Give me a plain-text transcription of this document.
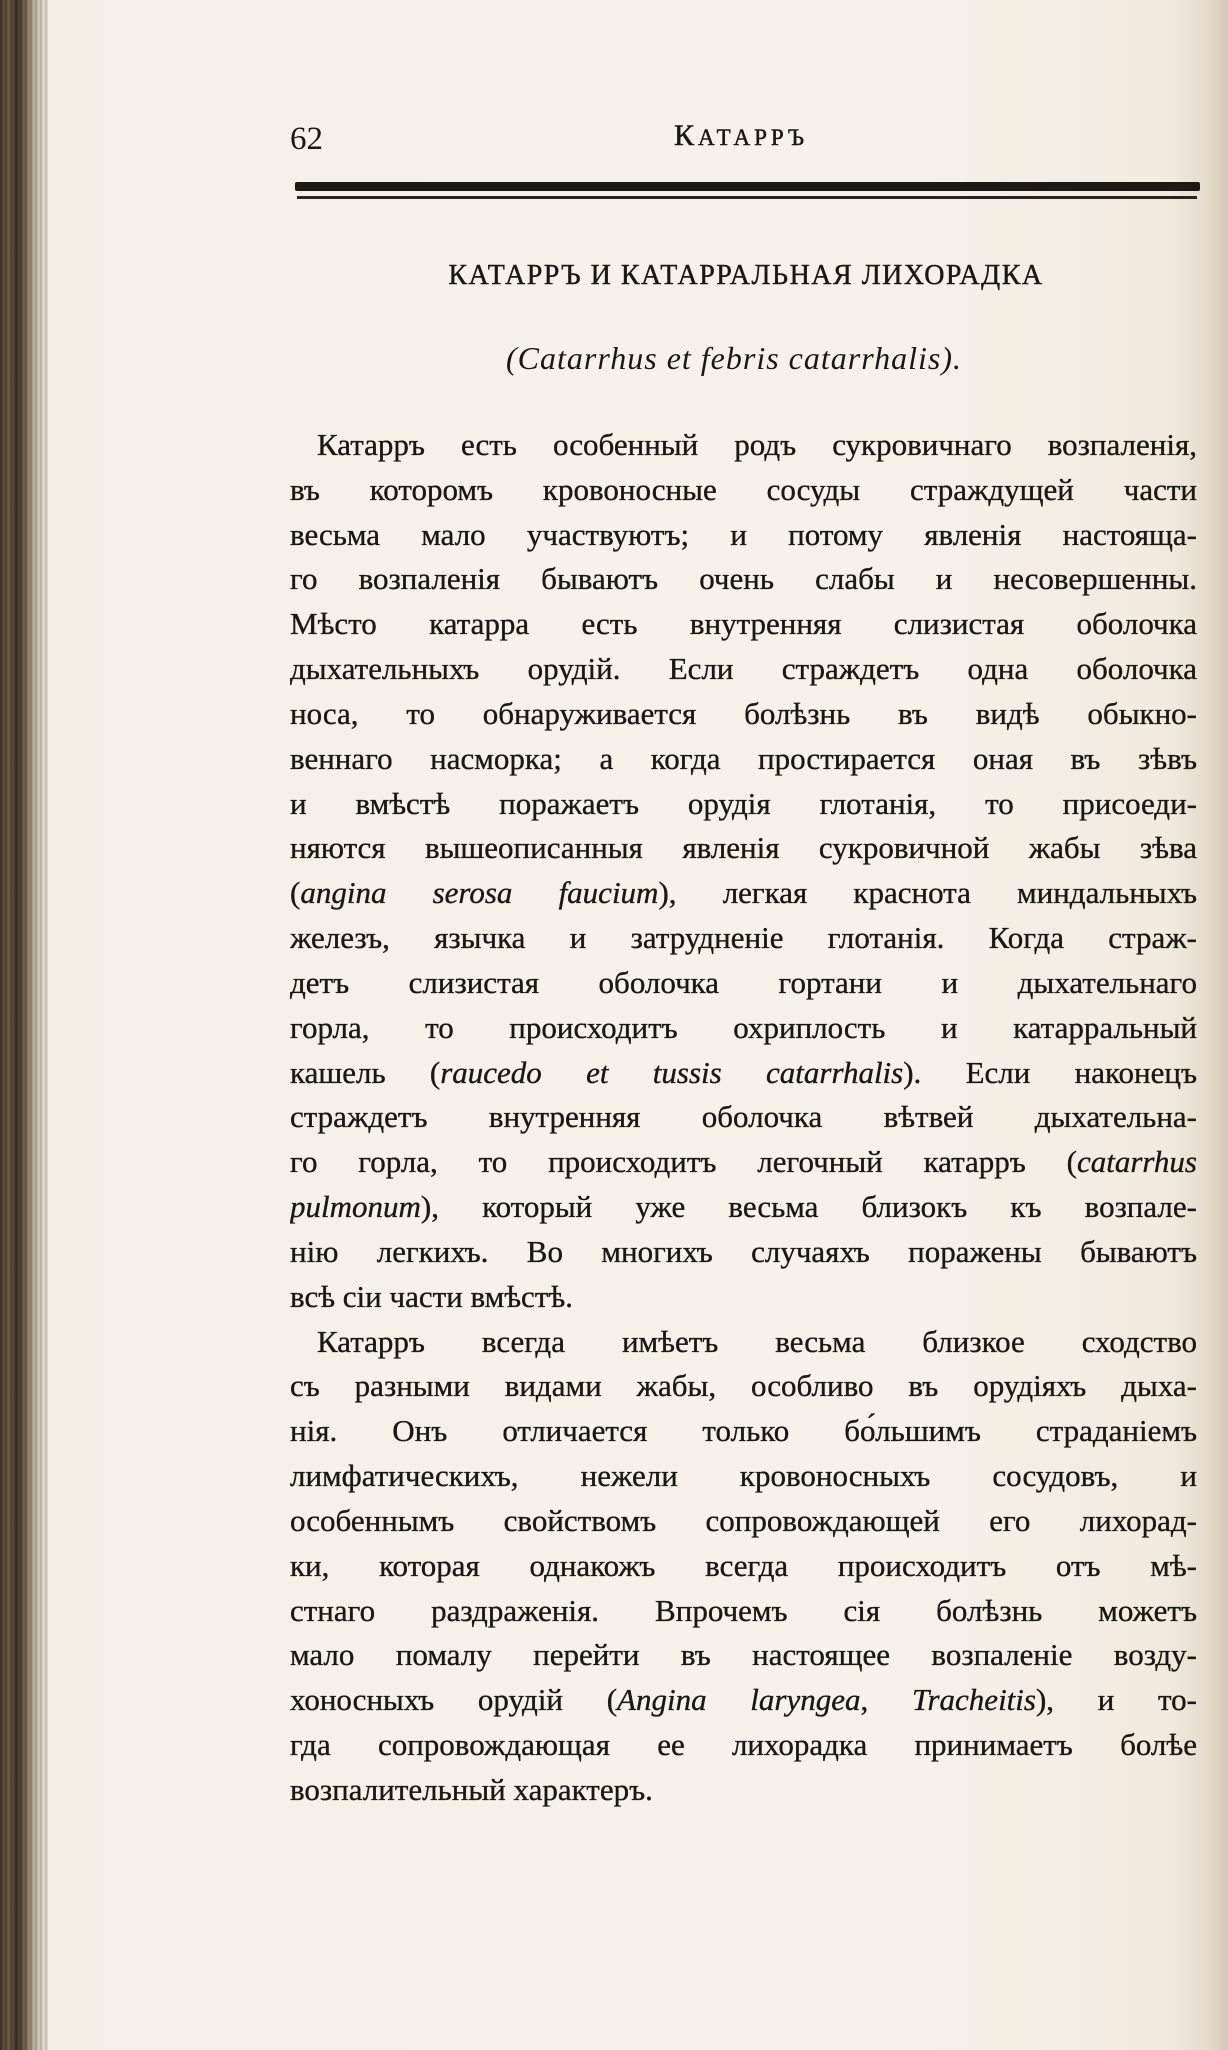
62	КАТАРРЪ
КАТАРРЪ И КАТАРРАЛЬНАЯ ЛИХОРАДКА
(Catarrhus et febris catarrhalis).
Катарръ есть особенный родъ сукровичнаго возпаленія,
въ которомъ кровоносные сосуды страждущей части
весьма мало участвуютъ; и потому явленія настояща-
го возпаленія бываютъ очень слабы и несовершенны.
Мѣсто катарра есть внутренняя слизистая оболочка
дыхательныхъ орудій. Если страждетъ одна оболочка
носа, то обнаруживается болѣзнь въ видѣ обыкно-
веннаго насморка; а когда простирается оная въ зѣвъ
и вмѣстѣ поражаетъ орудія глотанія, то присоеди-
няются вышеописанныя явленія сукровичной жабы зѣва
(angina serosa faucium), легкая краснота миндальныхъ
железъ, язычка и затрудненіе глотанія. Когда страж-
детъ слизистая оболочка гортани и дыхательнаго
горла, то происходитъ охриплость и катарральный
кашель (raucedo et tussis catarrhalis). Если наконецъ
страждетъ внутренняя оболочка вѣтвей дыхательна-
го горла, то происходитъ легочный катарръ (catarrhus
pulmonum), который уже весьма близокъ къ возпале-
нію легкихъ. Во многихъ случаяхъ поражены бываютъ
всѣ сіи части вмѣстѣ.
Катарръ всегда имѣетъ весьма близкое сходство
съ разными видами жабы, особливо въ орудіяхъ дыха-
нія. Онъ отличается только бо́льшимъ страданіемъ
лимфатическихъ, нежели кровоносныхъ сосудовъ, и
особеннымъ свойствомъ сопровождающей его лихорад-
ки, которая однакожъ всегда происходитъ отъ мѣ-
стнаго раздраженія. Впрочемъ сія болѣзнь можетъ
мало помалу перейти въ настоящее возпаленіе возду-
хоносныхъ орудій (Angina laryngea, Tracheitis), и то-
гда сопровождающая ее лихорадка принимаетъ болѣе
возпалительный характеръ.
